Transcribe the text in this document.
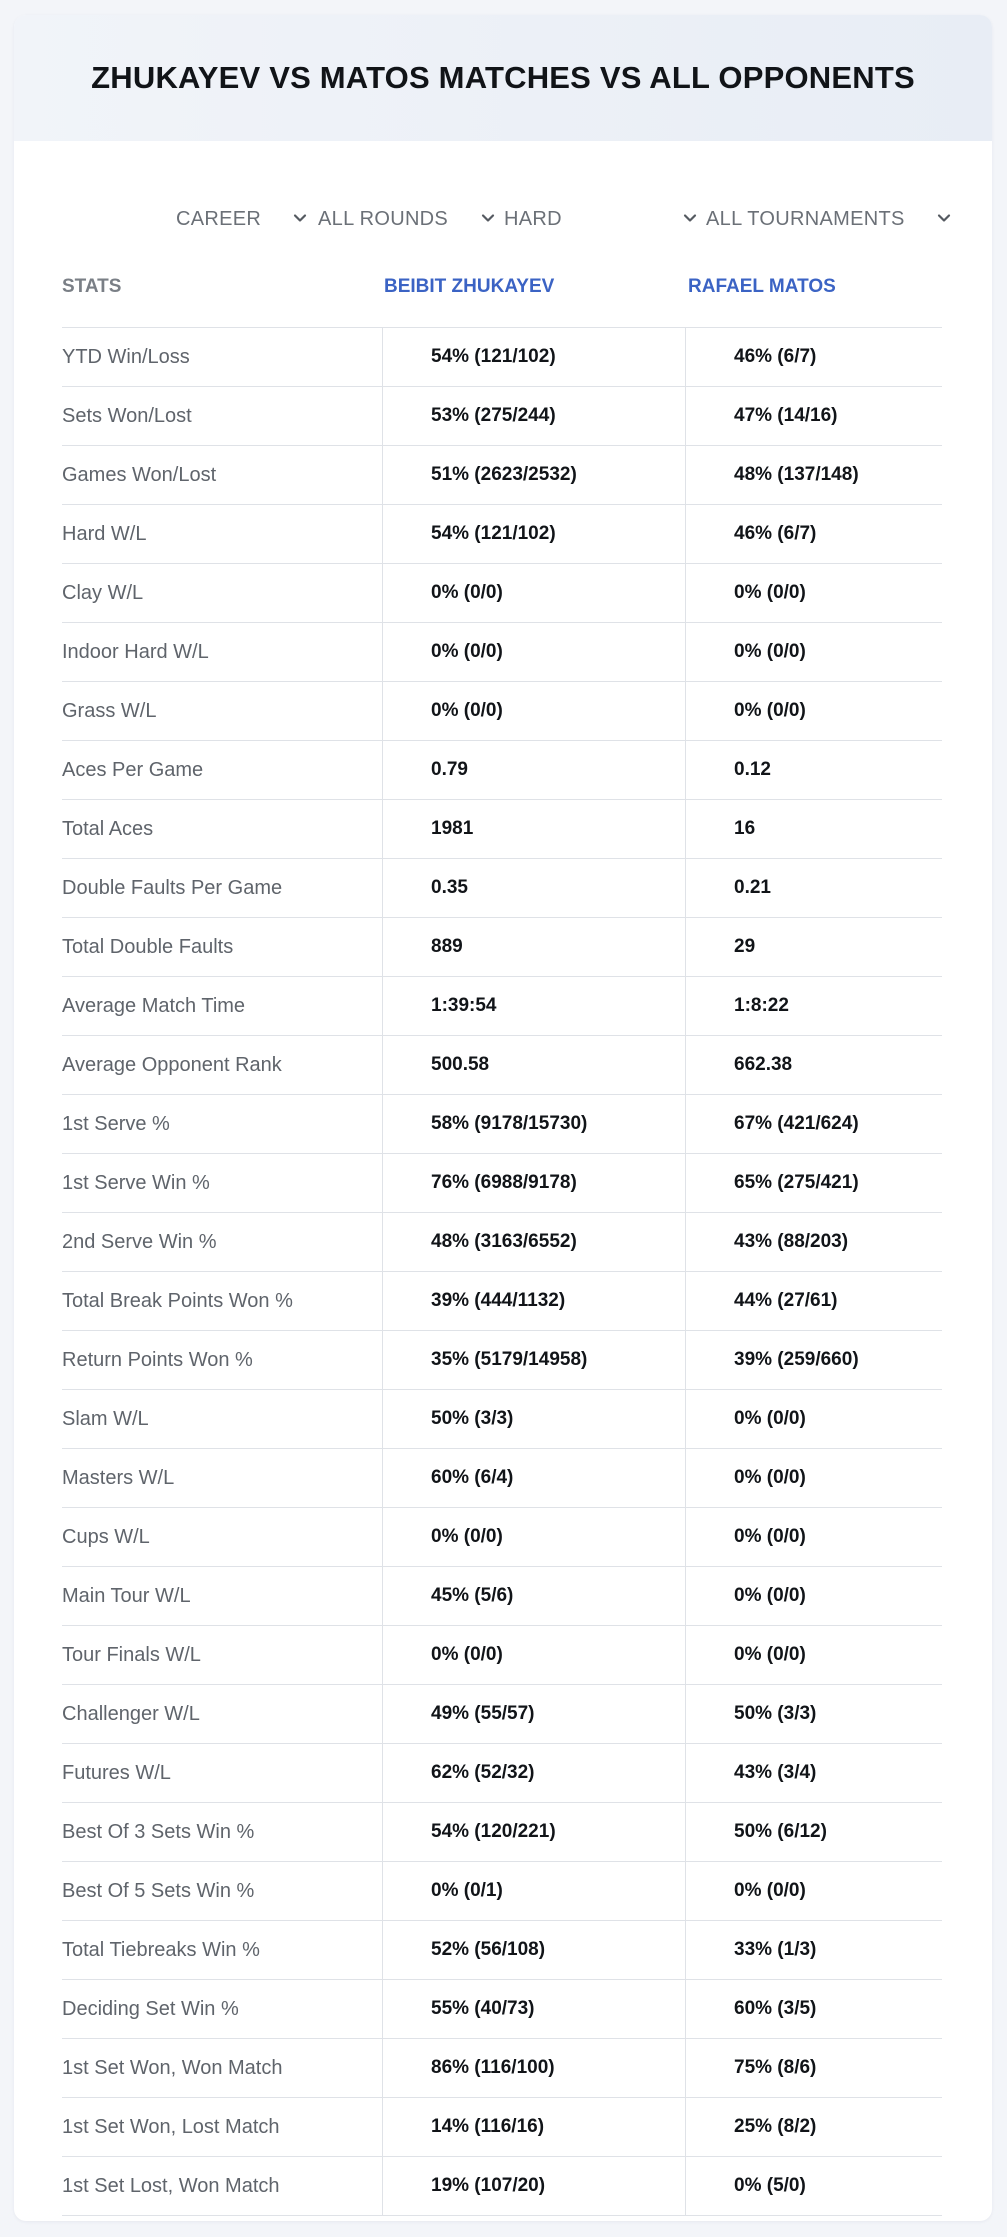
ZHUKAYEV VS MATOS MATCHES VS ALL OPPONENTS
CAREER	ALL ROUNDS	HARD	ALL TOURNAMENTS
STATS	BEIBIT ZHUKAYEV	RAFAEL MATOS
YTD Win/Loss	54% (121/102)	46% (6/7)
Sets Won/Lost	53% (275/244)	47% (14/16)
Games Won/Lost	51% (2623/2532)	48% (137/148)
Hard W/L	54% (121/102)	46% (6/7)
Clay W/L	0% (0/0)	0% (0/0)
Indoor Hard W/L	0% (0/0)	0% (0/0)
Grass W/L	0% (0/0)	0% (0/0)
Aces Per Game	0.79	0.12
Total Aces	1981	16
Double Faults Per Game	0.35	0.21
Total Double Faults	889	29
Average Match Time	1:39:54	1:8:22
Average Opponent Rank	500.58	662.38
1st Serve %	58% (9178/15730)	67% (421/624)
1st Serve Win %	76% (6988/9178)	65% (275/421)
2nd Serve Win %	48% (3163/6552)	43% (88/203)
Total Break Points Won %	39% (444/1132)	44% (27/61)
Return Points Won %	35% (5179/14958)	39% (259/660)
Slam W/L	50% (3/3)	0% (0/0)
Masters W/L	60% (6/4)	0% (0/0)
Cups W/L	0% (0/0)	0% (0/0)
Main Tour W/L	45% (5/6)	0% (0/0)
Tour Finals W/L	0% (0/0)	0% (0/0)
Challenger W/L	49% (55/57)	50% (3/3)
Futures W/L	62% (52/32)	43% (3/4)
Best Of 3 Sets Win %	54% (120/221)	50% (6/12)
Best Of 5 Sets Win %	0% (0/1)	0% (0/0)
Total Tiebreaks Win %	52% (56/108)	33% (1/3)
Deciding Set Win %	55% (40/73)	60% (3/5)
1st Set Won, Won Match	86% (116/100)	75% (8/6)
1st Set Won, Lost Match	14% (116/16)	25% (8/2)
1st Set Lost, Won Match	19% (107/20)	0% (5/0)
